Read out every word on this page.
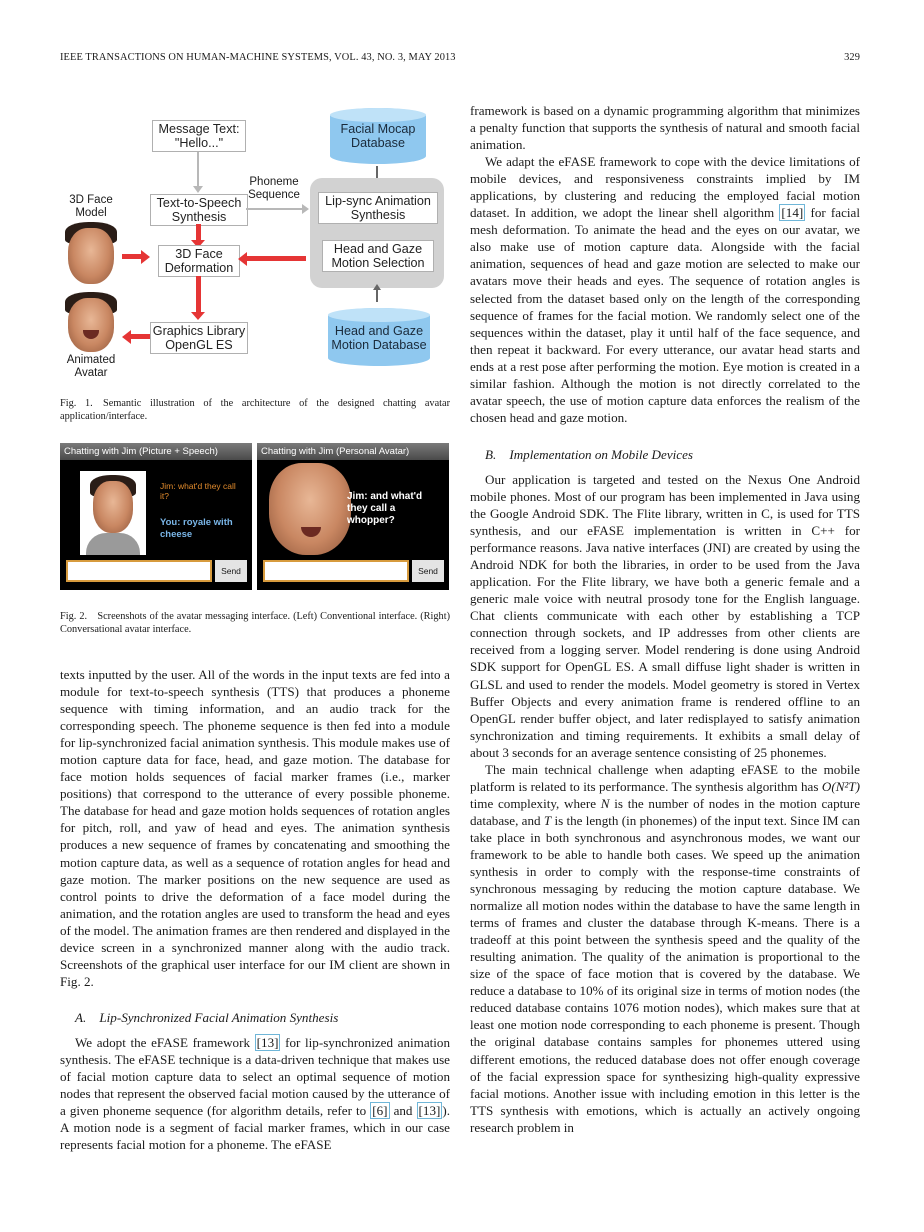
IEEE TRANSACTIONS ON HUMAN-MACHINE SYSTEMS, VOL. 43, NO. 3, MAY 2013	329
Message Text:
"Hello..."
Text-to-Speech
Synthesis
3D Face
Model
3D Face
Deformation
Graphics Library
OpenGL ES
Animated
Avatar
Phoneme
Sequence
Facial Mocap
Database
Lip-sync Animation
Synthesis
Head and Gaze
Motion Selection
Head and Gaze
Motion Database
Fig. 1. Semantic illustration of the architecture of the designed chatting avatar application/interface.
Chatting with Jim (Picture + Speech)
Jim: what'd they call it?
You: royale with cheese
Send
Chatting with Jim (Personal Avatar)
Jim: and what'd they call a whopper?
Send
Fig. 2. Screenshots of the avatar messaging interface. (Left) Conventional interface. (Right) Conversational avatar interface.

texts inputted by the user. All of the words in the input texts are fed into a module for text-to-speech synthesis (TTS) that produces a phoneme sequence with timing information, and an audio track for the corresponding speech. The phoneme sequence is then fed into a module for lip-synchronized facial animation synthesis. This module makes use of motion capture data for face, head, and gaze motion. The database for face motion holds sequences of facial marker frames (i.e., marker positions) that correspond to the utterance of every possible phoneme. The database for head and gaze motion holds sequences of rotation angles for pitch, roll, and yaw of head and eyes. The animation synthesis produces a new sequence of frames by concatenating and smoothing the motion capture data, as well as a sequence of rotation angles for head and gaze motion. The marker positions on the new sequence are used as control points to drive the deformation of a face model during the animation, and the rotation angles are used to transform the head and eyes of the model. The animation frames are then rendered and displayed in the device screen in a synchronized manner along with the audio track. Screenshots of the graphical user interface for our IM client are shown in Fig. 2.

A. Lip-Synchronized Facial Animation Synthesis

We adopt the eFASE framework [13] for lip-synchronized animation synthesis. The eFASE technique is a data-driven technique that makes use of facial motion capture data to select an optimal sequence of motion nodes that represent the observed facial motion caused by the utterance of a given phoneme sequence (for algorithm details, refer to [6] and [13] ). A motion node is a segment of facial marker frames, which in our case represents facial motion for a phoneme. The eFASE

framework is based on a dynamic programming algorithm that minimizes a penalty function that supports the synthesis of natural and smooth facial animation.

We adapt the eFASE framework to cope with the device limitations of mobile devices, and responsiveness constraints implied by IM applications, by clustering and reducing the employed facial motion dataset. In addition, we adopt the linear shell algorithm [14] for facial mesh deformation. To animate the head and the eyes on our avatar, we also make use of motion capture data. Alongside with the facial animation, sequences of head and gaze motion are selected to make our avatars move their heads and eyes. The sequence of rotation angles is selected from the dataset based only on the length of the corresponding sequence of frames for the facial motion. We randomly select one of the sequences within the dataset, play it until half of the face sequence, and then repeat it backward. For every utterance, our avatar head starts and ends at a rest pose after performing the motion. Eye motion is created in a similar fashion. Although the motion is not directly correlated to the avatar speech, the use of motion capture data enforces the realism of the chosen head and gaze motion.

B. Implementation on Mobile Devices

Our application is targeted and tested on the Nexus One Android mobile phones. Most of our program has been implemented in Java using the Google Android SDK. The Flite library, written in C, is used for TTS synthesis, and our eFASE implementation is written in C++ for performance reasons. Java native interfaces (JNI) are created by using the Android NDK for both the libraries, in order to be used from the Java application. For the Flite library, we have both a generic female and a generic male voice with neutral prosody tone for the English language. Chat clients communicate with each other by establishing a TCP connection through sockets, and IP addresses from other clients are received from a logging server. Model rendering is done using Android SDK support for OpenGL ES. A small diffuse light shader is written in GLSL and used to render the models. Model geometry is stored in Vertex Buffer Objects and every animation frame is rendered offline to an OpenGL render buffer object, and later redisplayed to satisfy animation synchronization and timing requirements. It exhibits a small delay of about 3 seconds for an average sentence consisting of 25 phonemes.

The main technical challenge when adapting eFASE to the mobile platform is related to its performance. The synthesis algorithm has O(N²T) time complexity, where N is the number of nodes in the motion capture database, and T is the length (in phonemes) of the input text. Since IM can take place in both synchronous and asynchronous modes, we want our framework to be able to handle both cases. We speed up the animation synthesis in order to comply with the response-time constraints of synchronous messaging by reducing the motion capture database. We normalize all motion nodes within the database to have the same length in terms of frames and cluster the database through K-means. There is a tradeoff at this point between the synthesis speed and the quality of the resulting animation. The quality of the animation is proportional to the size of the space of face motion that is covered by the database. We reduce a database to 10% of its original size in terms of motion nodes (the reduced database contains 1076 motion nodes), which makes sure that at least one motion node corresponding to each phoneme is present. Though the original database contains samples for phonemes uttered using different emotions, the reduced database does not offer enough coverage of the facial expression space for synthesizing high-quality expressive facial motions. Another issue with including emotion in this letter is the TTS synthesis with emotions, which is actually an actively ongoing research problem in
